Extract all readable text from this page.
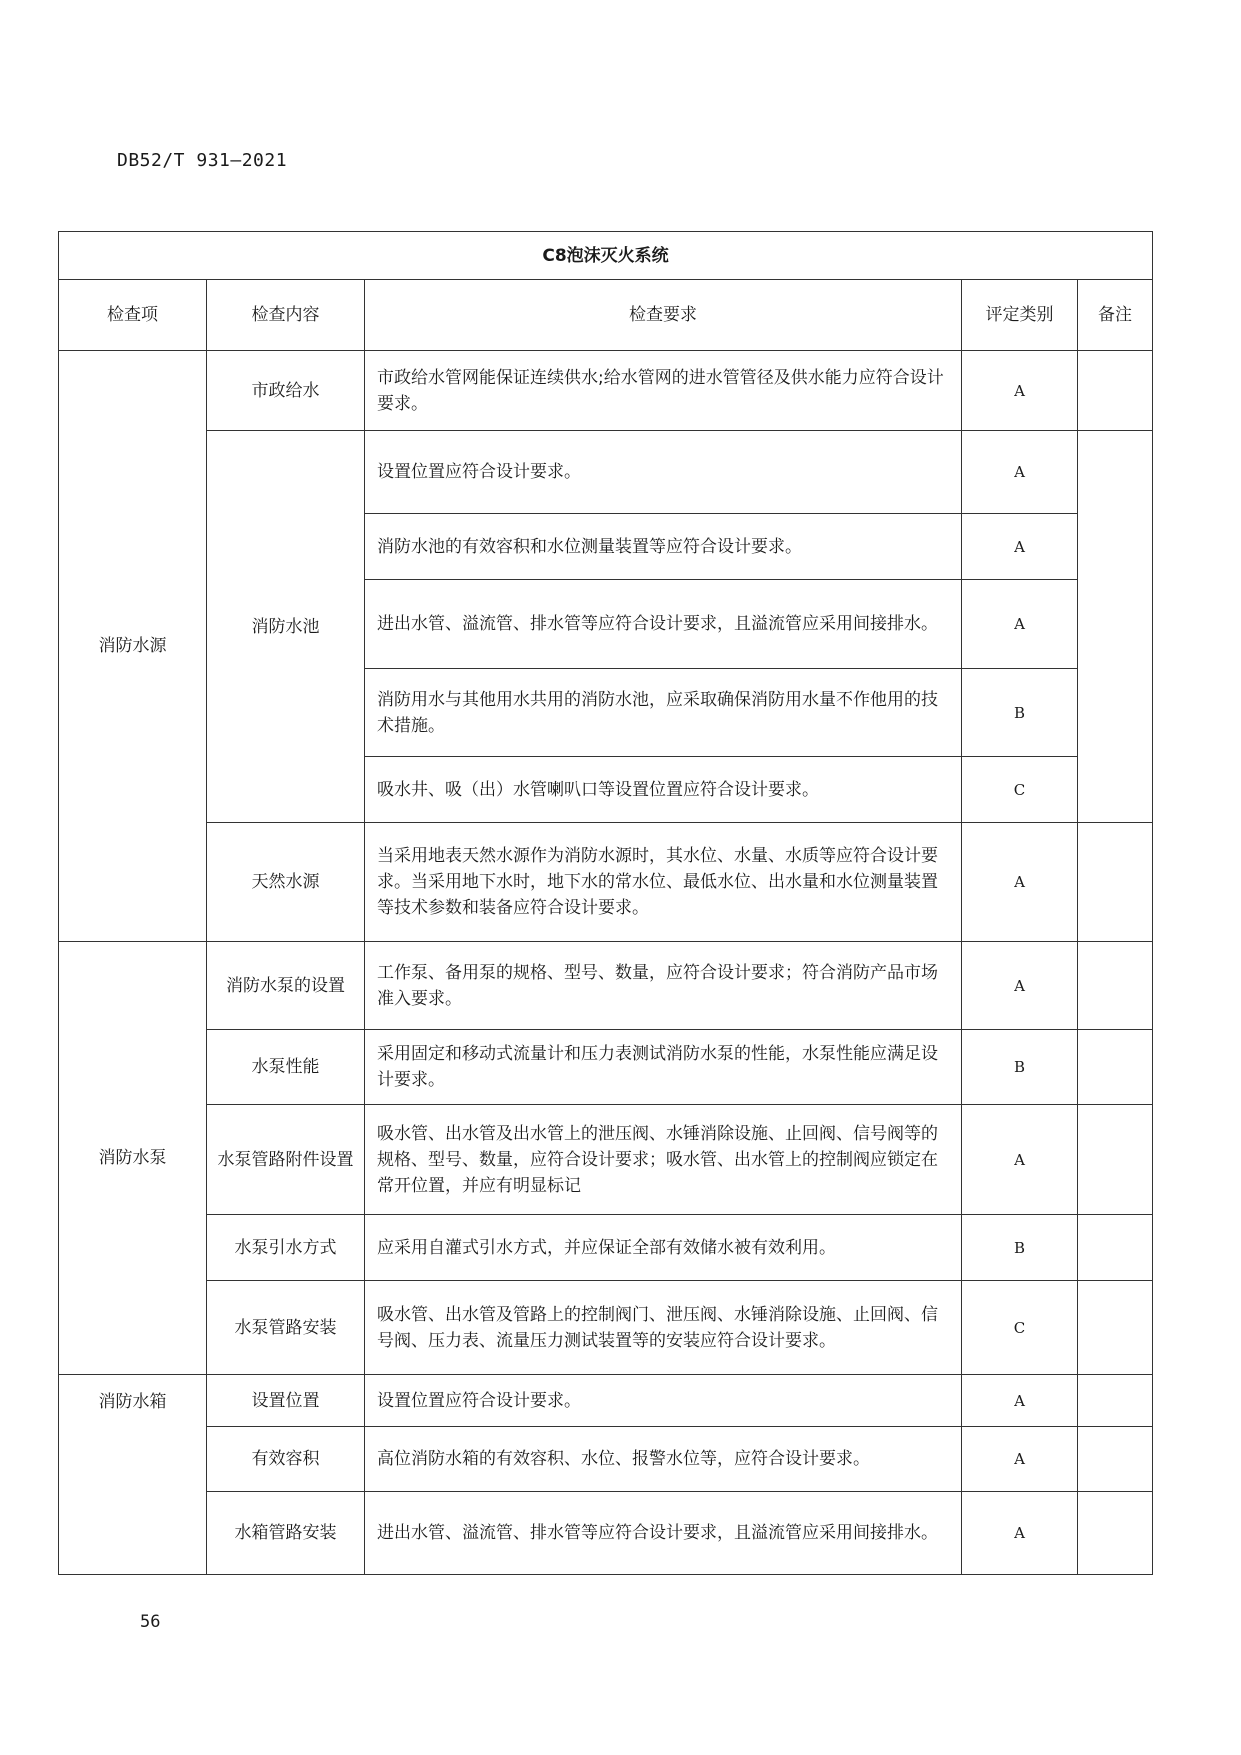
DB52/T 931—2021
C8泡沫灭火系统				
检查项	检查内容	检查要求	评定类别	备注
消防水源	市政给水	市政给水管网能保证连续供水;给水管网的进水管管径及供水能力应符合设计要求。	A	
	消防水池	设置位置应符合设计要求。	A	
		消防水池的有效容积和水位测量装置等应符合设计要求。	A	
		进出水管、溢流管、排水管等应符合设计要求，且溢流管应采用间接排水。	A	
		消防用水与其他用水共用的消防水池，应采取确保消防用水量不作他用的技术措施。	B	
		吸水井、吸（出）水管喇叭口等设置位置应符合设计要求。	C	
	天然水源	当采用地表天然水源作为消防水源时，其水位、水量、水质等应符合设计要求。当采用地下水时，地下水的常水位、最低水位、出水量和水位测量装置等技术参数和装备应符合设计要求。	A	
消防水泵	消防水泵的设置	工作泵、备用泵的规格、型号、数量，应符合设计要求；符合消防产品市场准入要求。	A	
	水泵性能	采用固定和移动式流量计和压力表测试消防水泵的性能，水泵性能应满足设计要求。	B	
	水泵管路附件设置	吸水管、出水管及出水管上的泄压阀、水锤消除设施、止回阀、信号阀等的规格、型号、数量，应符合设计要求；吸水管、出水管上的控制阀应锁定在常开位置，并应有明显标记	A	
	水泵引水方式	应采用自灌式引水方式，并应保证全部有效储水被有效利用。	B	
	水泵管路安装	吸水管、出水管及管路上的控制阀门、泄压阀、水锤消除设施、止回阀、信号阀、压力表、流量压力测试装置等的安装应符合设计要求。	C	
消防水箱	设置位置	设置位置应符合设计要求。	A	
	有效容积	高位消防水箱的有效容积、水位、报警水位等，应符合设计要求。	A	
	水箱管路安装	进出水管、溢流管、排水管等应符合设计要求，且溢流管应采用间接排水。	A	
56
